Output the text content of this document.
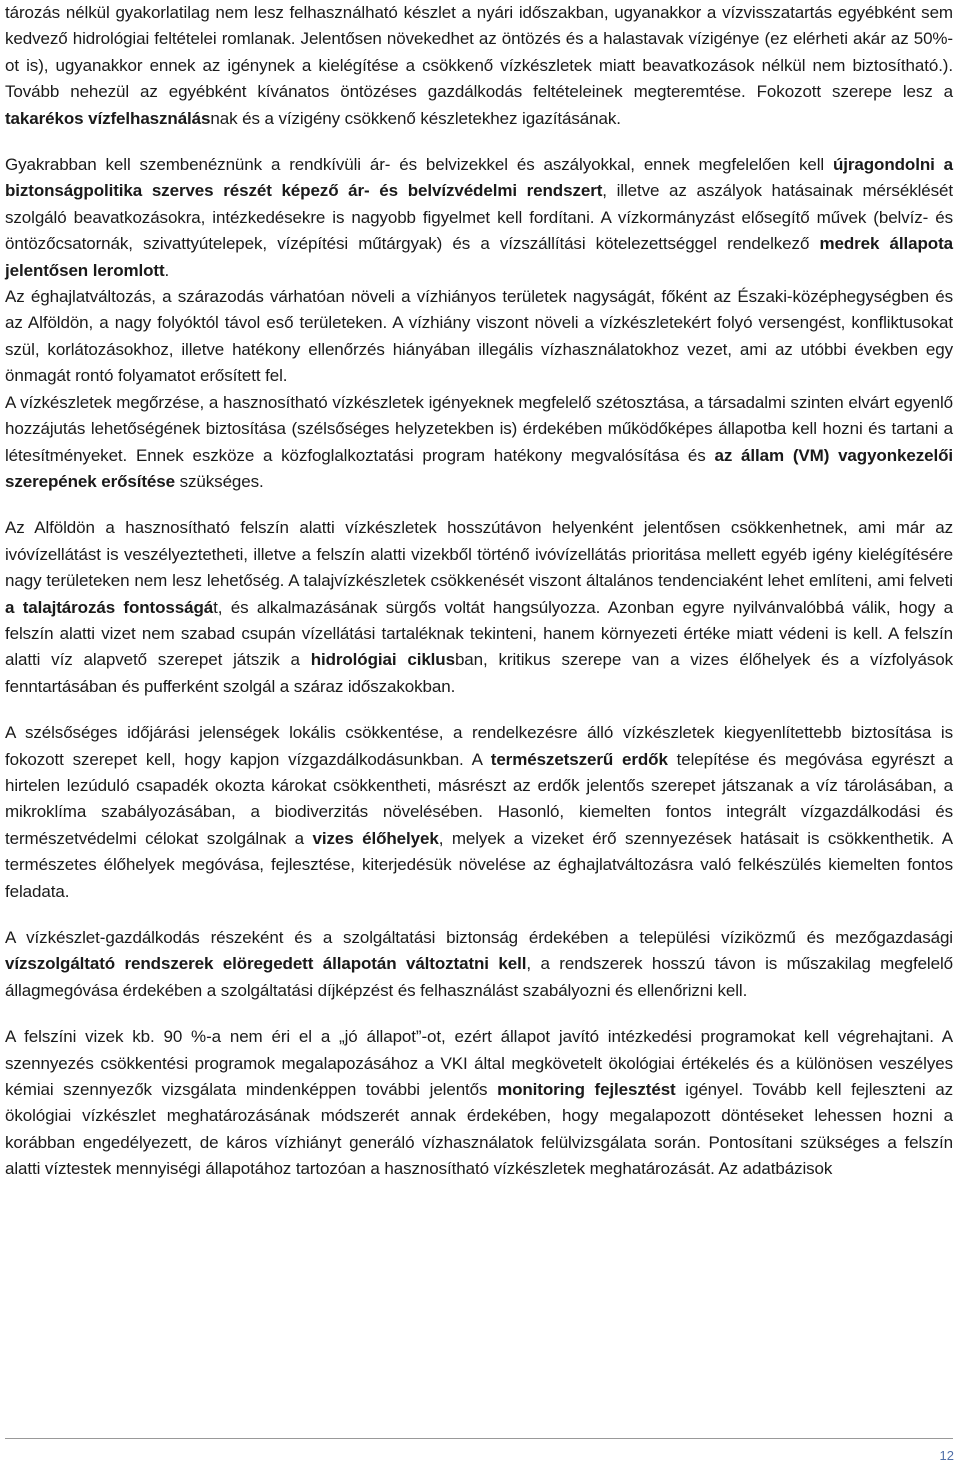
tározás nélkül gyakorlatilag nem lesz felhasználható készlet a nyári időszakban, ugyanakkor a vízvisszatartás egyébként sem kedvező hidrológiai feltételei romlanak. Jelentősen növekedhet az öntözés és a halastavak vízigénye (ez elérheti akár az 50%-ot is), ugyanakkor ennek az igénynek a kielégítése a csökkenő vízkészletek miatt beavatkozások nélkül nem biztosítható.). Tovább nehezül az egyébként kívánatos öntözéses gazdálkodás feltételeinek megteremtése. Fokozott szerepe lesz a takarékos vízfelhasználásnak és a vízigény csökkenő készletekhez igazításának.

Gyakrabban kell szembenéznünk a rendkívüli ár- és belvizekkel és aszályokkal, ennek megfelelően kell újragondolni a biztonságpolitika szerves részét képező ár- és belvízvédelmi rendszert, illetve az aszályok hatásainak mérséklését szolgáló beavatkozásokra, intézkedésekre is nagyobb figyelmet kell fordítani. A vízkormányzást elősegítő művek (belvíz- és öntözőcsatornák, szivattyútelepek, vízépítési műtárgyak) és a vízszállítási kötelezettséggel rendelkező medrek állapota jelentősen leromlott.

Az éghajlatváltozás, a szárazodás várhatóan növeli a vízhiányos területek nagyságát, főként az Északi-középhegységben és az Alföldön, a nagy folyóktól távol eső területeken. A vízhiány viszont növeli a vízkészletekért folyó versengést, konfliktusokat szül, korlátozásokhoz, illetve hatékony ellenőrzés hiányában illegális vízhasználatokhoz vezet, ami az utóbbi években egy önmagát rontó folyamatot erősített fel.

A vízkészletek megőrzése, a hasznosítható vízkészletek igényeknek megfelelő szétosztása, a társadalmi szinten elvárt egyenlő hozzájutás lehetőségének biztosítása (szélsőséges helyzetekben is) érdekében működőképes állapotba kell hozni és tartani a létesítményeket. Ennek eszköze a közfoglalkoztatási program hatékony megvalósítása és az állam (VM) vagyonkezelői szerepének erősítése szükséges.

Az Alföldön a hasznosítható felszín alatti vízkészletek hosszútávon helyenként jelentősen csökkenhetnek, ami már az ivóvízellátást is veszélyeztetheti, illetve a felszín alatti vizekből történő ivóvízellátás prioritása mellett egyéb igény kielégítésére nagy területeken nem lesz lehetőség. A talajvízkészletek csökkenését viszont általános tendenciaként lehet említeni, ami felveti a talajtározás fontosságát, és alkalmazásának sürgős voltát hangsúlyozza. Azonban egyre nyilvánvalóbbá válik, hogy a felszín alatti vizet nem szabad csupán vízellátási tartaléknak tekinteni, hanem környezeti értéke miatt védeni is kell. A felszín alatti víz alapvető szerepet játszik a hidrológiai ciklusban, kritikus szerepe van a vizes élőhelyek és a vízfolyások fenntartásában és pufferként szolgál a száraz időszakokban.

A szélsőséges időjárási jelenségek lokális csökkentése, a rendelkezésre álló vízkészletek kiegyenlítettebb biztosítása is fokozott szerepet kell, hogy kapjon vízgazdálkodásunkban. A természetszerű erdők telepítése és megóvása egyrészt a hirtelen lezúduló csapadék okozta károkat csökkentheti, másrészt az erdők jelentős szerepet játszanak a víz tárolásában, a mikroklíma szabályozásában, a biodiverzitás növelésében. Hasonló, kiemelten fontos integrált vízgazdálkodási és természetvédelmi célokat szolgálnak a vizes élőhelyek, melyek a vizeket érő szennyezések hatásait is csökkenthetik. A természetes élőhelyek megóvása, fejlesztése, kiterjedésük növelése az éghajlatváltozásra való felkészülés kiemelten fontos feladata.

A vízkészlet-gazdálkodás részeként és a szolgáltatási biztonság érdekében a települési víziközmű és mezőgazdasági vízszolgáltató rendszerek elöregedett állapotán változtatni kell, a rendszerek hosszú távon is műszakilag megfelelő állagmegóvása érdekében a szolgáltatási díjképzést és felhasználást szabályozni és ellenőrizni kell.

A felszíni vizek kb. 90 %-a nem éri el a „jó állapot”-ot, ezért állapot javító intézkedési programokat kell végrehajtani. A szennyezés csökkentési programok megalapozásához a VKI által megkövetelt ökológiai értékelés és a különösen veszélyes kémiai szennyezők vizsgálata mindenképpen további jelentős monitoring fejlesztést igényel. Tovább kell fejleszteni az ökológiai vízkészlet meghatározásának módszerét annak érdekében, hogy megalapozott döntéseket lehessen hozni a korábban engedélyezett, de káros vízhiányt generáló vízhasználatok felülvizsgálata során. Pontosítani szükséges a felszín alatti víztestek mennyiségi állapotához tartozóan a hasznosítható vízkészletek meghatározását. Az adatbázisok

12
